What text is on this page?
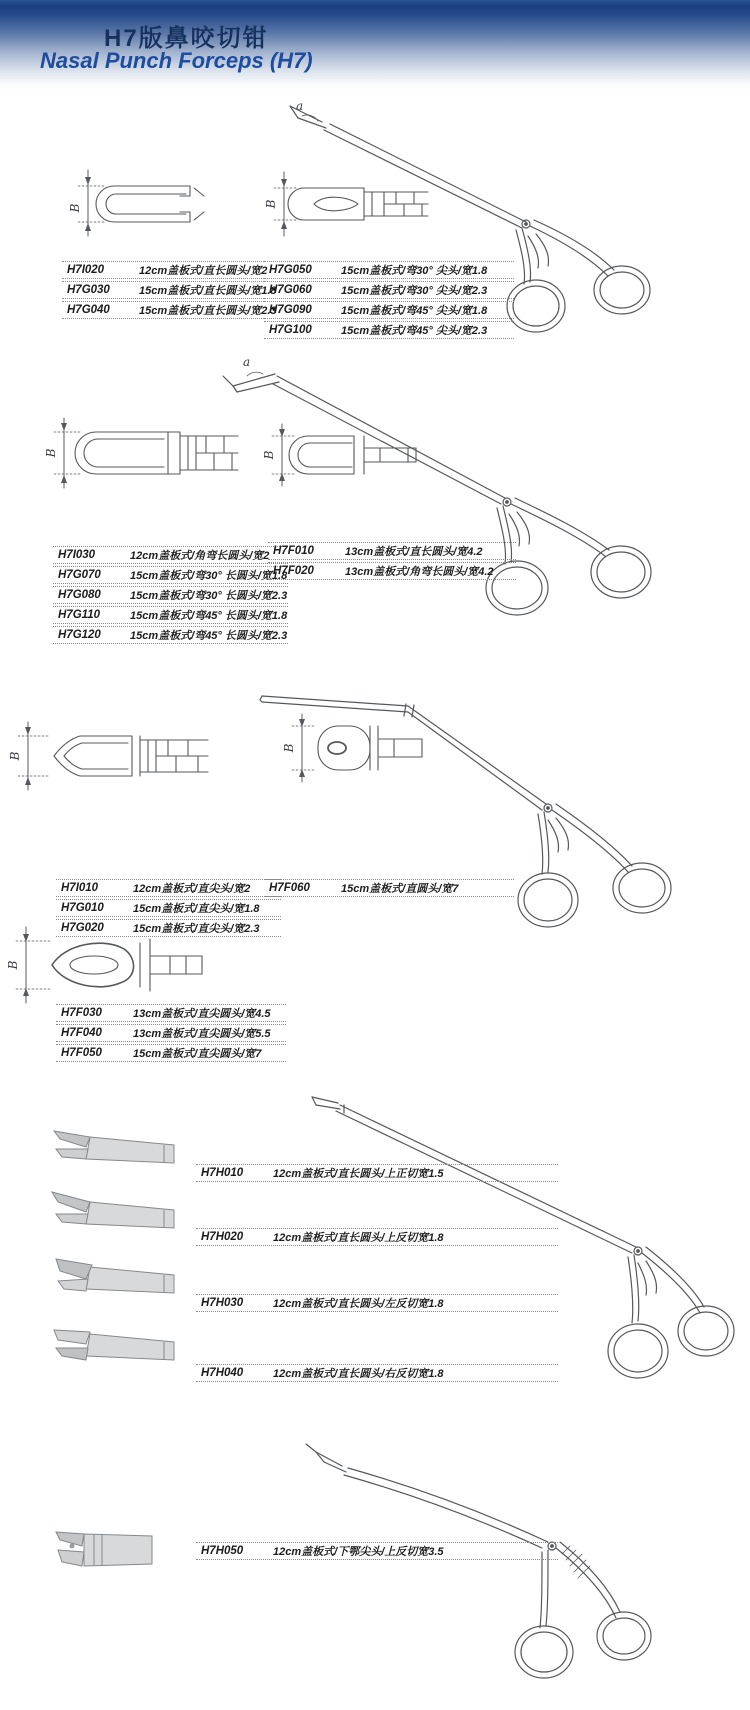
H7版鼻咬切钳
Nasal Punch Forceps (H7)
a
B	B
H7I020	12cm盖板式/直长圆头/宽2
H7G030	15cm盖板式/直长圆头/宽1.8
H7G040	15cm盖板式/直长圆头/宽2.3
H7G050	15cm盖板式/弯30° 尖头/宽1.8
H7G060	15cm盖板式/弯30° 尖头/宽2.3
H7G090	15cm盖板式/弯45° 尖头/宽1.8
H7G100	15cm盖板式/弯45° 尖头/宽2.3
a
B	B
H7I030	12cm盖板式/角弯长圆头/宽2
H7G070	15cm盖板式/弯30° 长圆头/宽1.8
H7G080	15cm盖板式/弯30° 长圆头/宽2.3
H7G110	15cm盖板式/弯45° 长圆头/宽1.8
H7G120	15cm盖板式/弯45° 长圆头/宽2.3
H7F010	13cm盖板式/直长圆头/宽4.2
H7F020	13cm盖板式/角弯长圆头/宽4.2
B
B
H7I010	12cm盖板式/直尖头/宽2
H7G010	15cm盖板式/直尖头/宽1.8
H7G020	15cm盖板式/直尖头/宽2.3
H7F060	15cm盖板式/直圆头/宽7
B
H7F030	13cm盖板式/直尖圆头/宽4.5
H7F040	13cm盖板式/直尖圆头/宽5.5
H7F050	15cm盖板式/直尖圆头/宽7
H7H010	12cm盖板式/直长圆头/上正切宽1.5
H7H020	12cm盖板式/直长圆头/上反切宽1.8
H7H030	12cm盖板式/直长圆头/左反切宽1.8
H7H040	12cm盖板式/直长圆头/右反切宽1.8
H7H050	12cm盖板式/下鄂尖头/上反切宽3.5
